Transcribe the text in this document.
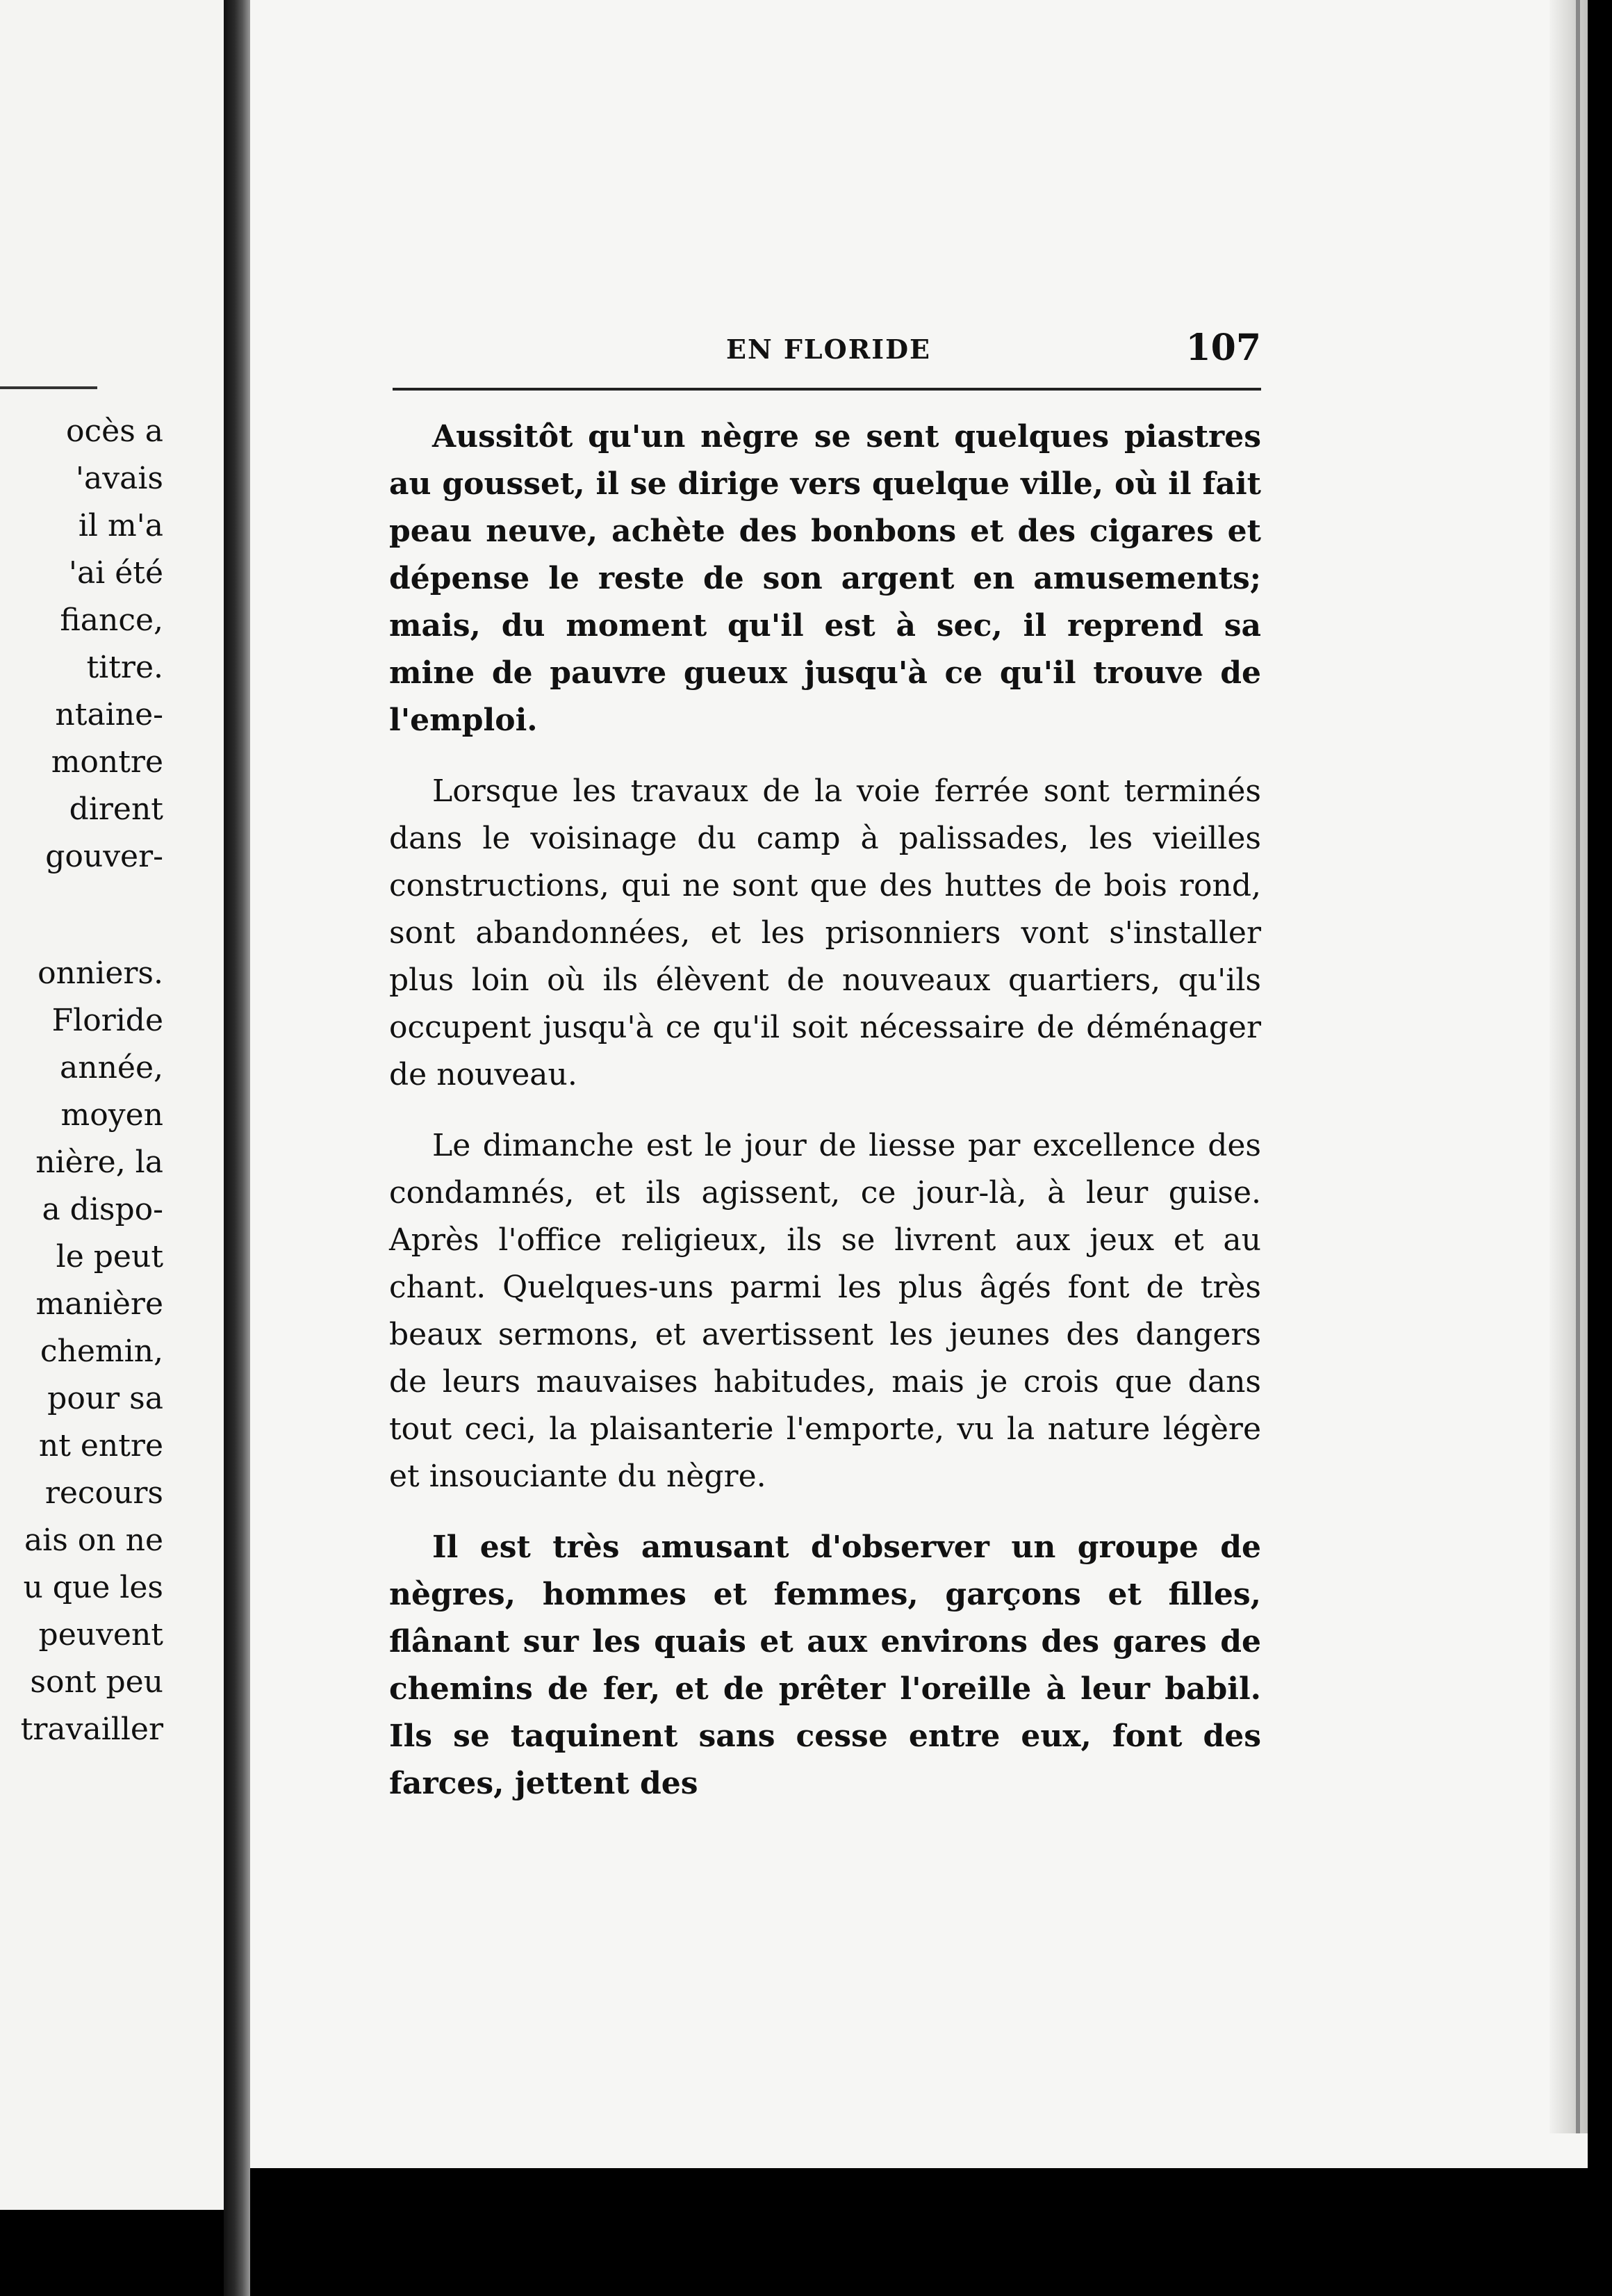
ocès a
'avais
il m'a
'ai été
fiance,
titre.
ntaine-
montre
dirent
gouver-
onniers.
Floride
année,
moyen
nière, la
a dispo-
le peut
manière
chemin,
pour sa
nt entre
recours
ais on ne
u que les
peuvent
sont peu
travailler
EN FLORIDE	107

Aussitôt qu'un nègre se sent quelques piastres au gousset, il se dirige vers quelque ville, où il fait peau neuve, achète des bonbons et des cigares et dépense le reste de son argent en amusements; mais, du moment qu'il est à sec, il reprend sa mine de pauvre gueux jusqu'à ce qu'il trouve de l'emploi.

Lorsque les travaux de la voie ferrée sont terminés dans le voisinage du camp à palissades, les vieilles constructions, qui ne sont que des huttes de bois rond, sont abandonnées, et les prisonniers vont s'installer plus loin où ils élèvent de nouveaux quartiers, qu'ils occupent jusqu'à ce qu'il soit nécessaire de déménager de nouveau.

Le dimanche est le jour de liesse par excellence des condamnés, et ils agissent, ce jour-là, à leur guise. Après l'office religieux, ils se livrent aux jeux et au chant. Quelques-uns parmi les plus âgés font de très beaux sermons, et avertissent les jeunes des dangers de leurs mauvaises habitudes, mais je crois que dans tout ceci, la plaisanterie l'emporte, vu la nature légère et insouciante du nègre.

Il est très amusant d'observer un groupe de nègres, hommes et femmes, garçons et filles, flânant sur les quais et aux environs des gares de chemins de fer, et de prêter l'oreille à leur babil. Ils se taquinent sans cesse entre eux, font des farces, jettent des
